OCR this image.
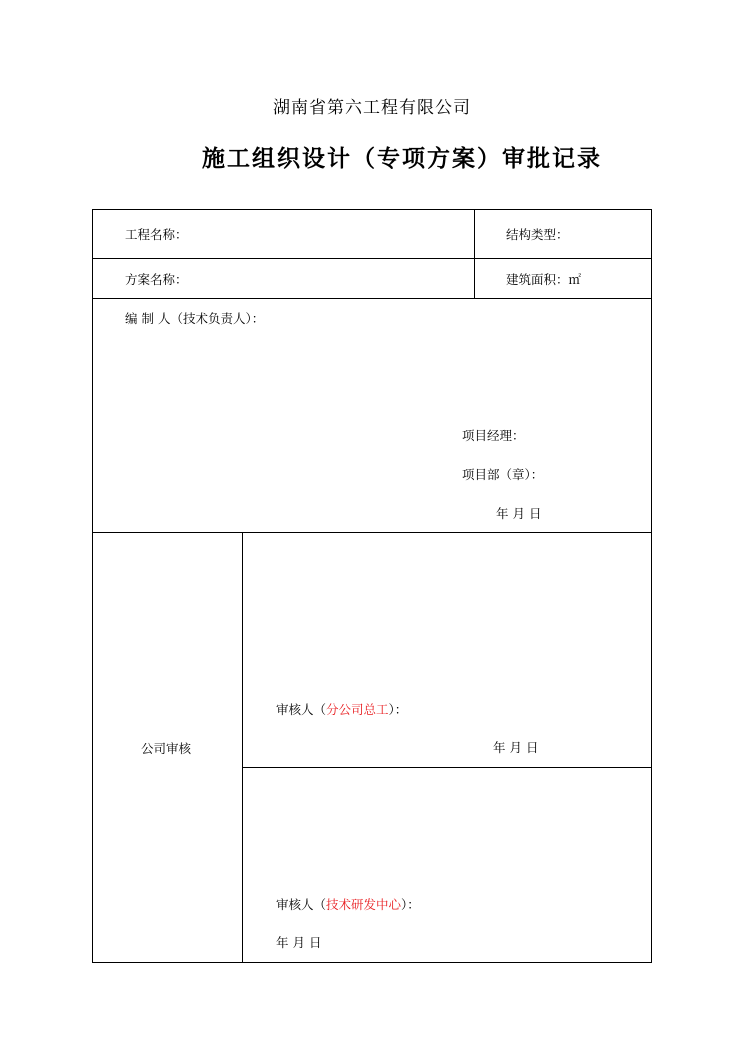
湖南省第六工程有限公司
施工组织设计（专项方案）审批记录
工程名称：	结构类型：
方案名称：	建筑面积：㎡
编 制 人（技术负责人）：
项目经理：
项目部（章）：
年 月 日
公司审核
审核人（分公司总工）：
年 月 日
审核人（技术研发中心）：
年 月 日
